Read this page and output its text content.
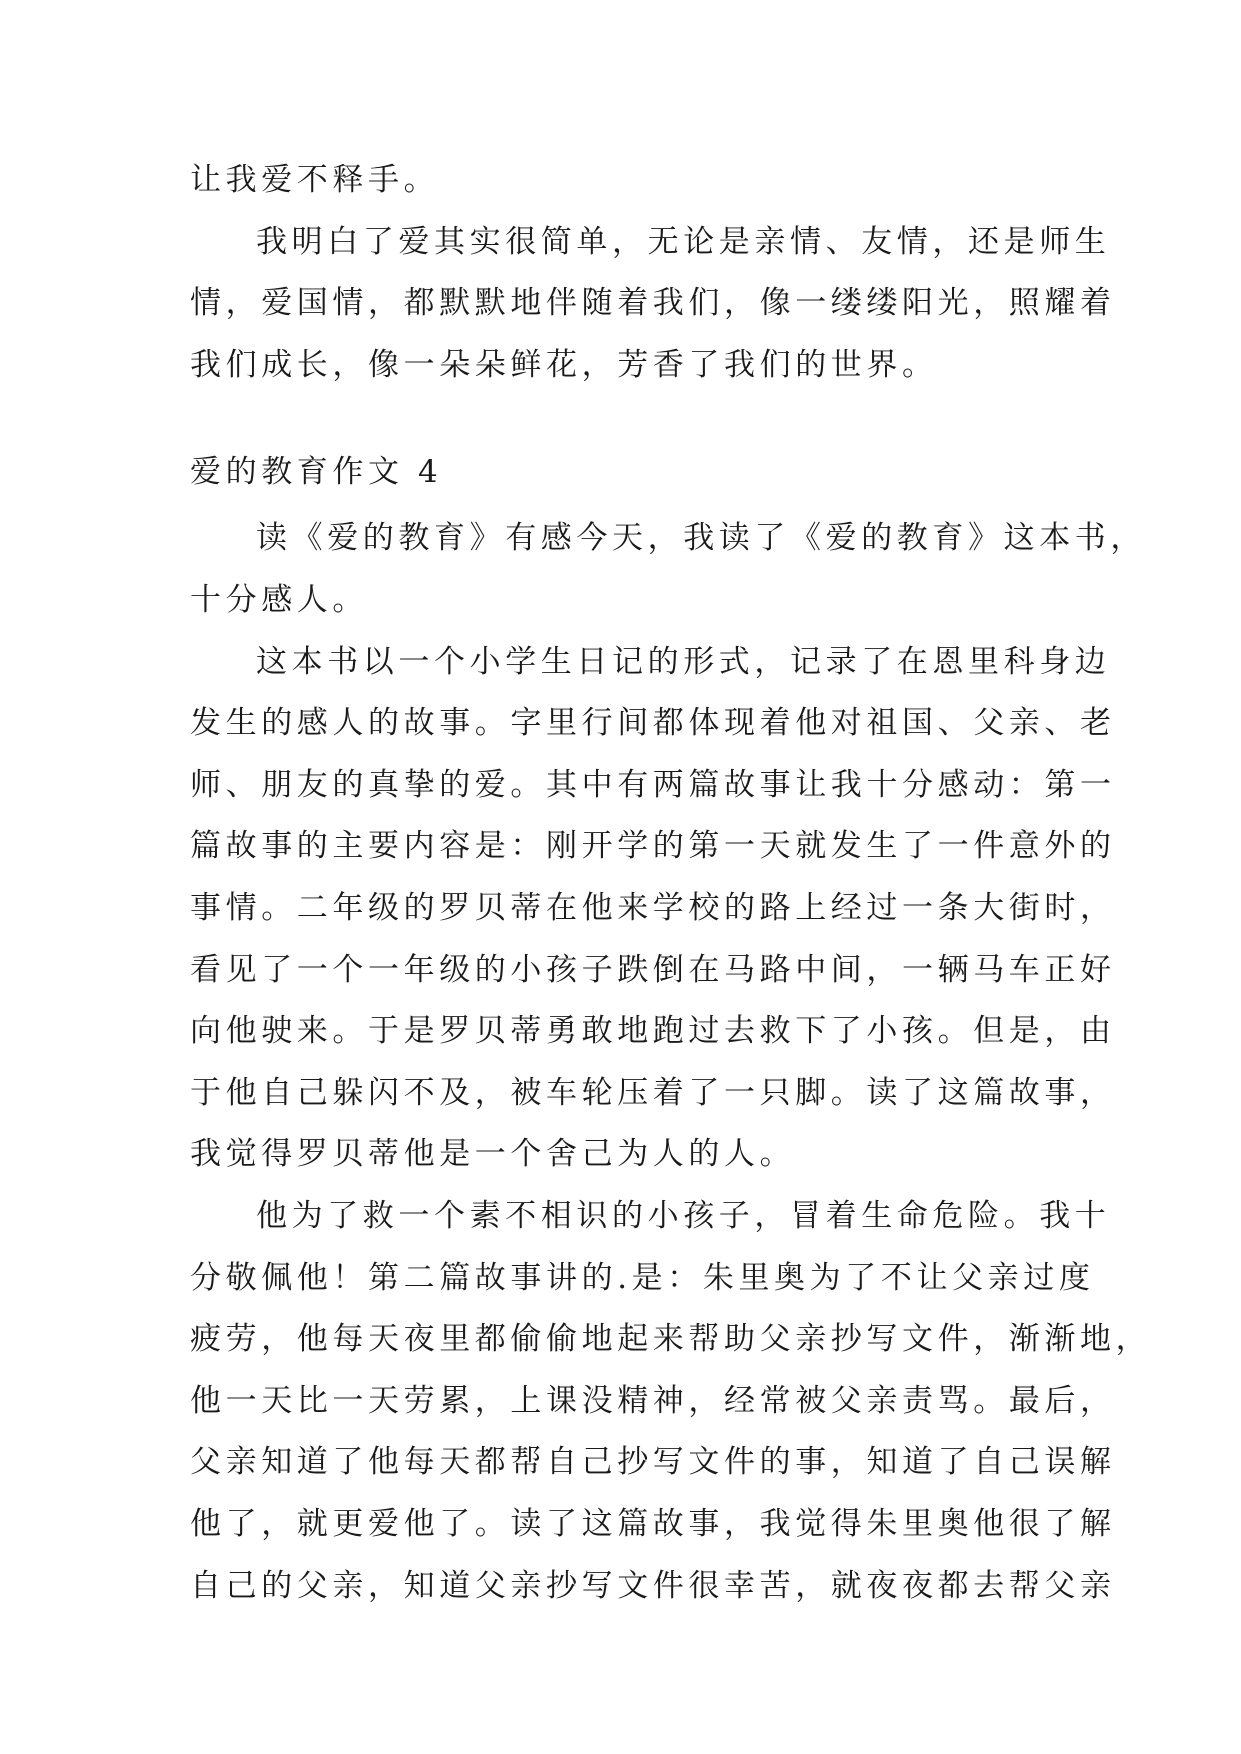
让我爱不释手。
我明白了爱其实很简单，无论是亲情、友情，还是师生
情，爱国情，都默默地伴随着我们，像一缕缕阳光，照耀着
我们成长，像一朵朵鲜花，芳香了我们的世界。
爱的教育作文 4
读《爱的教育》有感今天，我读了《爱的教育》这本书，
十分感人。
这本书以一个小学生日记的形式，记录了在恩里科身边
发生的感人的故事。字里行间都体现着他对祖国、父亲、老
师、朋友的真挚的爱。其中有两篇故事让我十分感动：第一
篇故事的主要内容是：刚开学的第一天就发生了一件意外的
事情。二年级的罗贝蒂在他来学校的路上经过一条大街时，
看见了一个一年级的小孩子跌倒在马路中间，一辆马车正好
向他驶来。于是罗贝蒂勇敢地跑过去救下了小孩。但是，由
于他自己躲闪不及，被车轮压着了一只脚。读了这篇故事，
我觉得罗贝蒂他是一个舍己为人的人。
他为了救一个素不相识的小孩子，冒着生命危险。我十
分敬佩他！第二篇故事讲的.是：朱里奥为了不让父亲过度
疲劳，他每天夜里都偷偷地起来帮助父亲抄写文件，渐渐地，
他一天比一天劳累，上课没精神，经常被父亲责骂。最后，
父亲知道了他每天都帮自己抄写文件的事，知道了自己误解
他了，就更爱他了。读了这篇故事，我觉得朱里奥他很了解
自己的父亲，知道父亲抄写文件很幸苦，就夜夜都去帮父亲
